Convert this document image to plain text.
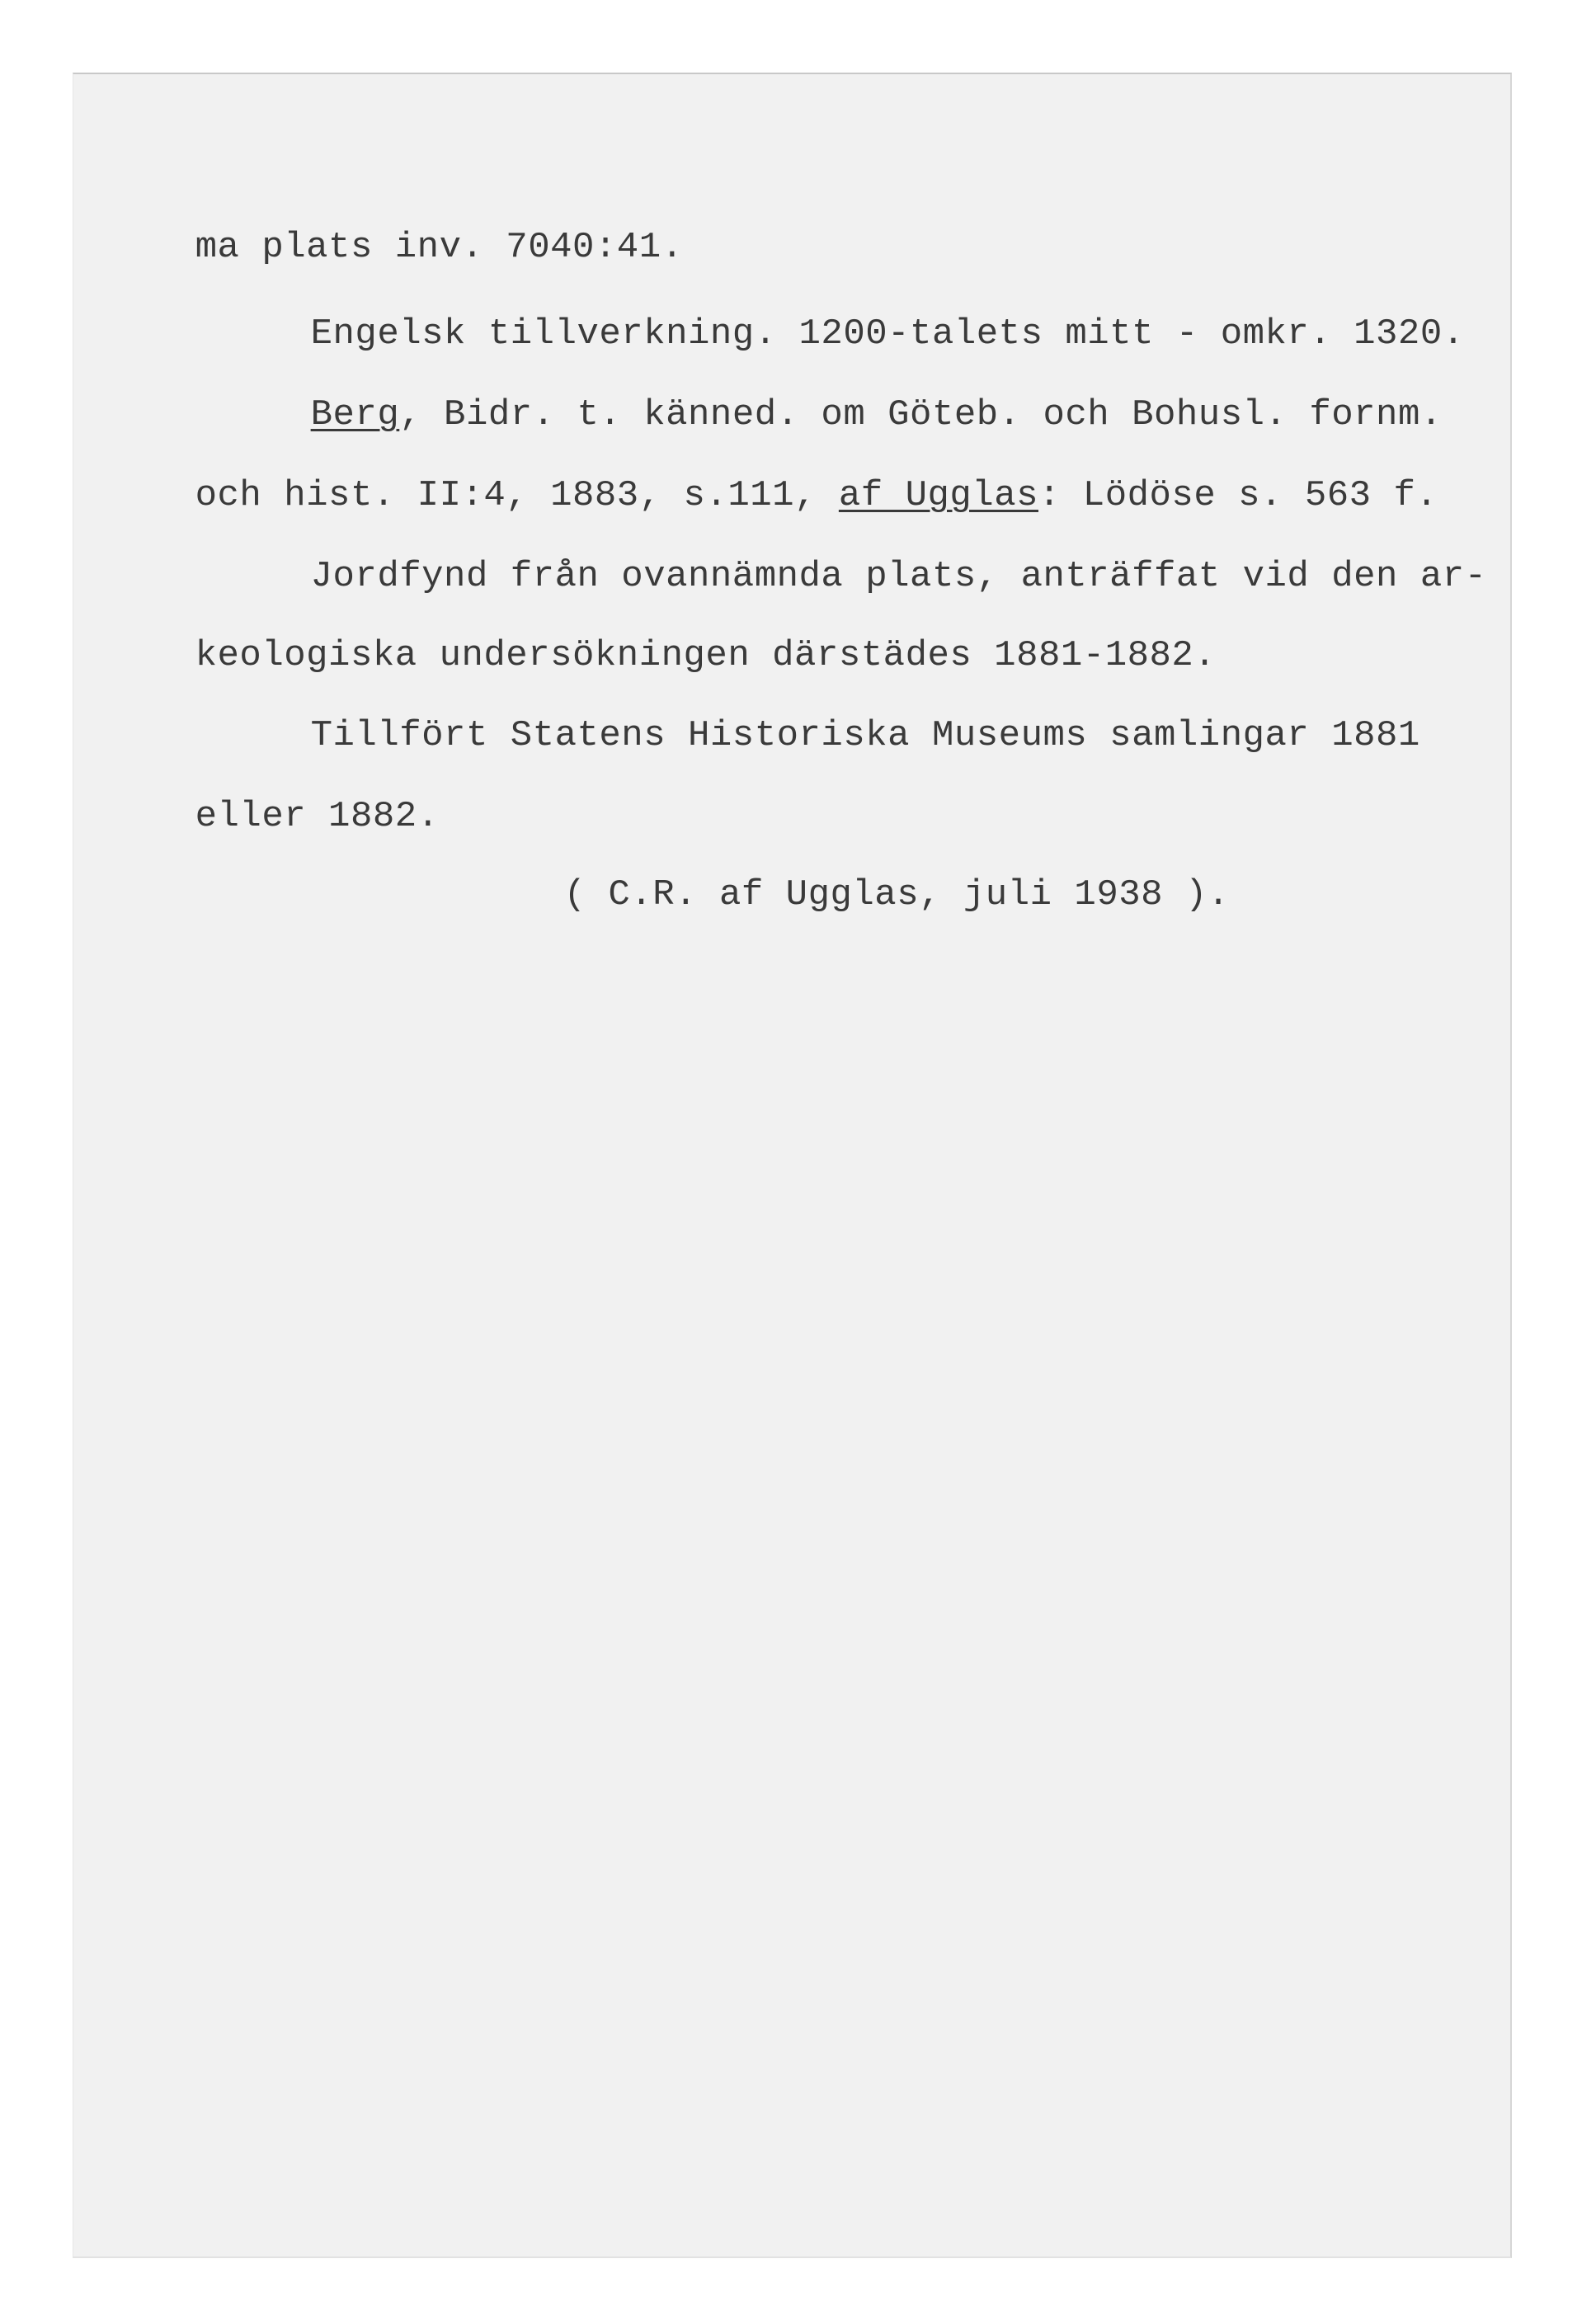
ma plats inv. 7040:41.

Engelsk tillverkning. 1200-talets mitt - omkr. 1320.

Berg, Bidr. t. känned. om Göteb. och Bohusl. fornm.

och hist. II:4, 1883, s.111, af Ugglas: Lödöse s. 563 f.

Jordfynd från ovannämnda plats, anträffat vid den ar-

keologiska undersökningen därstädes 1881-1882.

Tillfört Statens Historiska Museums samlingar 1881

eller 1882.

( C.R. af Ugglas, juli 1938 ).
